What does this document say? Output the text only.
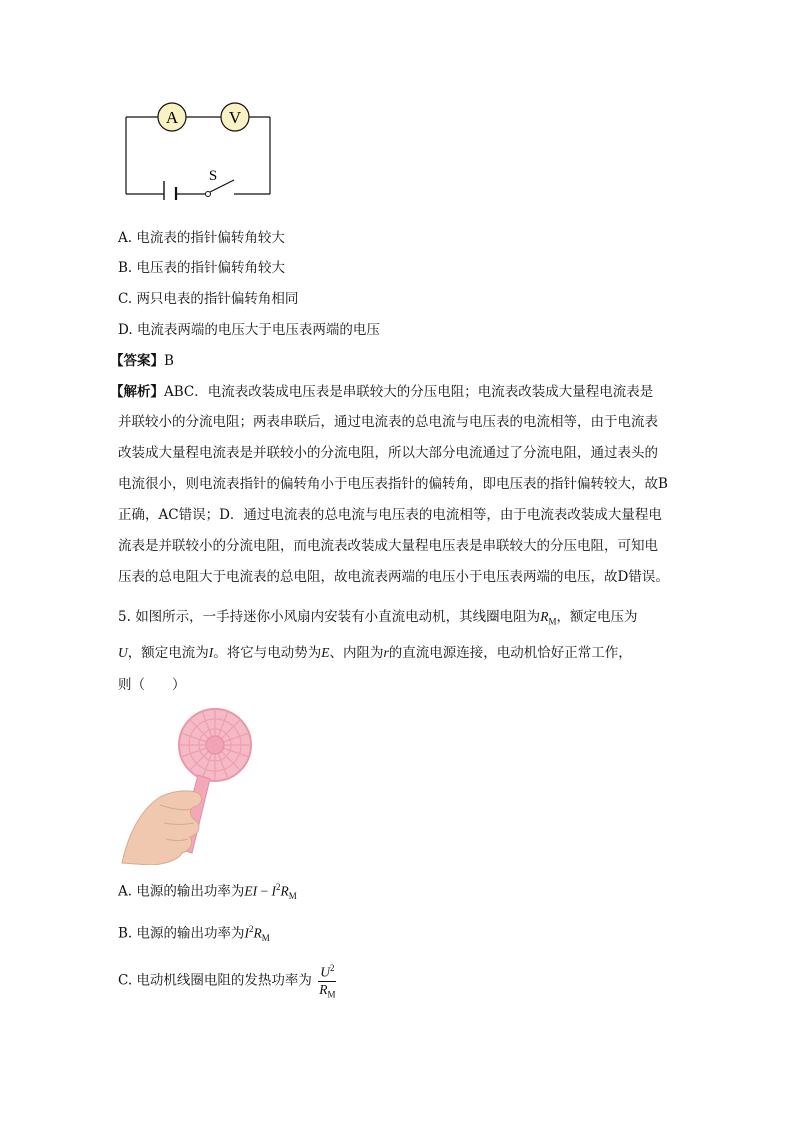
A	V
S
A. 电流表的指针偏转角较大
B. 电压表的指针偏转角较大
C. 两只电表的指针偏转角相同
D. 电流表两端的电压大于电压表两端的电压
【答案】B
【解析】ABC．电流表改装成电压表是串联较大的分压电阻；电流表改装成大量程电流表是
并联较小的分流电阻；两表串联后，通过电流表的总电流与电压表的电流相等，由于电流表
改装成大量程电流表是并联较小的分流电阻，所以大部分电流通过了分流电阻，通过表头的
电流很小，则电流表指针的偏转角小于电压表指针的偏转角，即电压表的指针偏转较大，故B
正确，AC错误；D．通过电流表的总电流与电压表的电流相等，由于电流表改装成大量程电
流表是并联较小的分流电阻，而电流表改装成大量程电压表是串联较大的分压电阻，可知电
压表的总电阻大于电流表的总电阻，故电流表两端的电压小于电压表两端的电压，故D错误。
5. 如图所示，一手持迷你小风扇内安装有小直流电动机，其线圈电阻为$R_M$，额定电压为
U，额定电流为I。将它与电动势为E、内阻为r的直流电源连接，电动机恰好正常工作，
则（　　）
A. 电源的输出功率为EI − $I^2R_M$
B. 电源的输出功率为$I^2R_M$
C. 电动机线圈电阻的发热功率为 $\frac{U^2}{R_M}$
